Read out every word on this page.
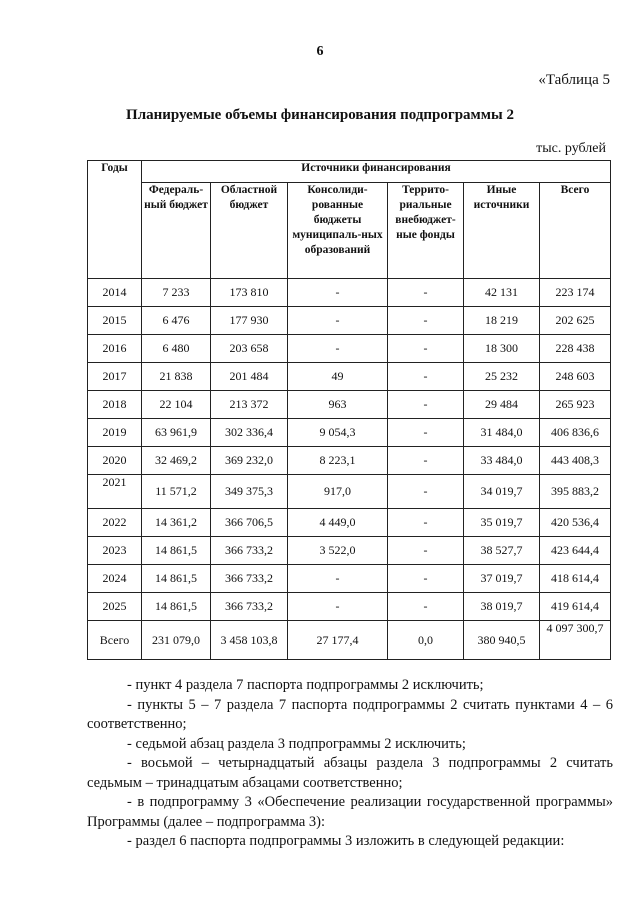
6
«Таблица 5
Планируемые объемы финансирования подпрограммы 2
тыс. рублей
Годы	Источники финансирования					
	Федераль-ный бюджет	Областной бюджет	Консолиди-рованные бюджеты муниципаль-ных образований	Террито-риальные внебюджет-ные фонды	Иные источники	Всего
2014	7 233	173 810	-	-	42 131	223 174
2015	6 476	177 930	-	-	18 219	202 625
2016	6 480	203 658	-	-	18 300	228 438
2017	21 838	201 484	49	-	25 232	248 603
2018	22 104	213 372	963	-	29 484	265 923
2019	63 961,9	302 336,4	9 054,3	-	31 484,0	406 836,6
2020	32 469,2	369 232,0	8 223,1	-	33 484,0	443 408,3
2021	11 571,2	349 375,3	917,0	-	34 019,7	395 883,2
2022	14 361,2	366 706,5	4 449,0	-	35 019,7	420 536,4
2023	14 861,5	366 733,2	3 522,0	-	38 527,7	423 644,4
2024	14 861,5	366 733,2	-	-	37 019,7	418 614,4
2025	14 861,5	366 733,2	-	-	38 019,7	419 614,4
Всего	231 079,0	3 458 103,8	27 177,4	0,0	380 940,5	4 097 300,7

- пункт 4 раздела 7 паспорта подпрограммы 2 исключить;

- пункты 5 – 7 раздела 7 паспорта подпрограммы 2 считать пунктами 4 – 6 соответственно;

- седьмой абзац раздела 3 подпрограммы 2 исключить;

- восьмой – четырнадцатый абзацы раздела 3 подпрограммы 2 считать седьмым – тринадцатым абзацами соответственно;

- в подпрограмму 3 «Обеспечение реализации государственной программы» Программы (далее – подпрограмма 3):

- раздел 6 паспорта подпрограммы 3 изложить в следующей редакции:
